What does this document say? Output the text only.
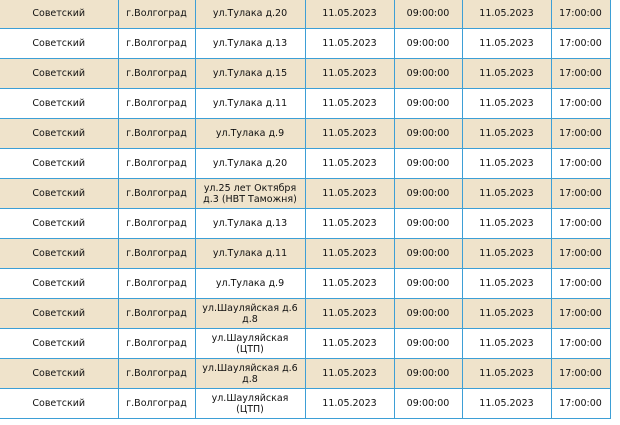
Советский	г.Волгоград	ул.Тулака д.20	11.05.2023	09:00:00	11.05.2023	17:00:00
Советский	г.Волгоград	ул.Тулака д.13	11.05.2023	09:00:00	11.05.2023	17:00:00
Советский	г.Волгоград	ул.Тулака д.15	11.05.2023	09:00:00	11.05.2023	17:00:00
Советский	г.Волгоград	ул.Тулака д.11	11.05.2023	09:00:00	11.05.2023	17:00:00
Советский	г.Волгоград	ул.Тулака д.9	11.05.2023	09:00:00	11.05.2023	17:00:00
Советский	г.Волгоград	ул.Тулака д.20	11.05.2023	09:00:00	11.05.2023	17:00:00
Советский	г.Волгоград	ул.25 лет Октября д.3 (НВТ Таможня)	11.05.2023	09:00:00	11.05.2023	17:00:00
Советский	г.Волгоград	ул.Тулака д.13	11.05.2023	09:00:00	11.05.2023	17:00:00
Советский	г.Волгоград	ул.Тулака д.11	11.05.2023	09:00:00	11.05.2023	17:00:00
Советский	г.Волгоград	ул.Тулака д.9	11.05.2023	09:00:00	11.05.2023	17:00:00
Советский	г.Волгоград	ул.Шауляйская д.6 д.8	11.05.2023	09:00:00	11.05.2023	17:00:00
Советский	г.Волгоград	ул.Шауляйская (ЦТП)	11.05.2023	09:00:00	11.05.2023	17:00:00
Советский	г.Волгоград	ул.Шауляйская д.6 д.8	11.05.2023	09:00:00	11.05.2023	17:00:00
Советский	г.Волгоград	ул.Шауляйская (ЦТП)	11.05.2023	09:00:00	11.05.2023	17:00:00
